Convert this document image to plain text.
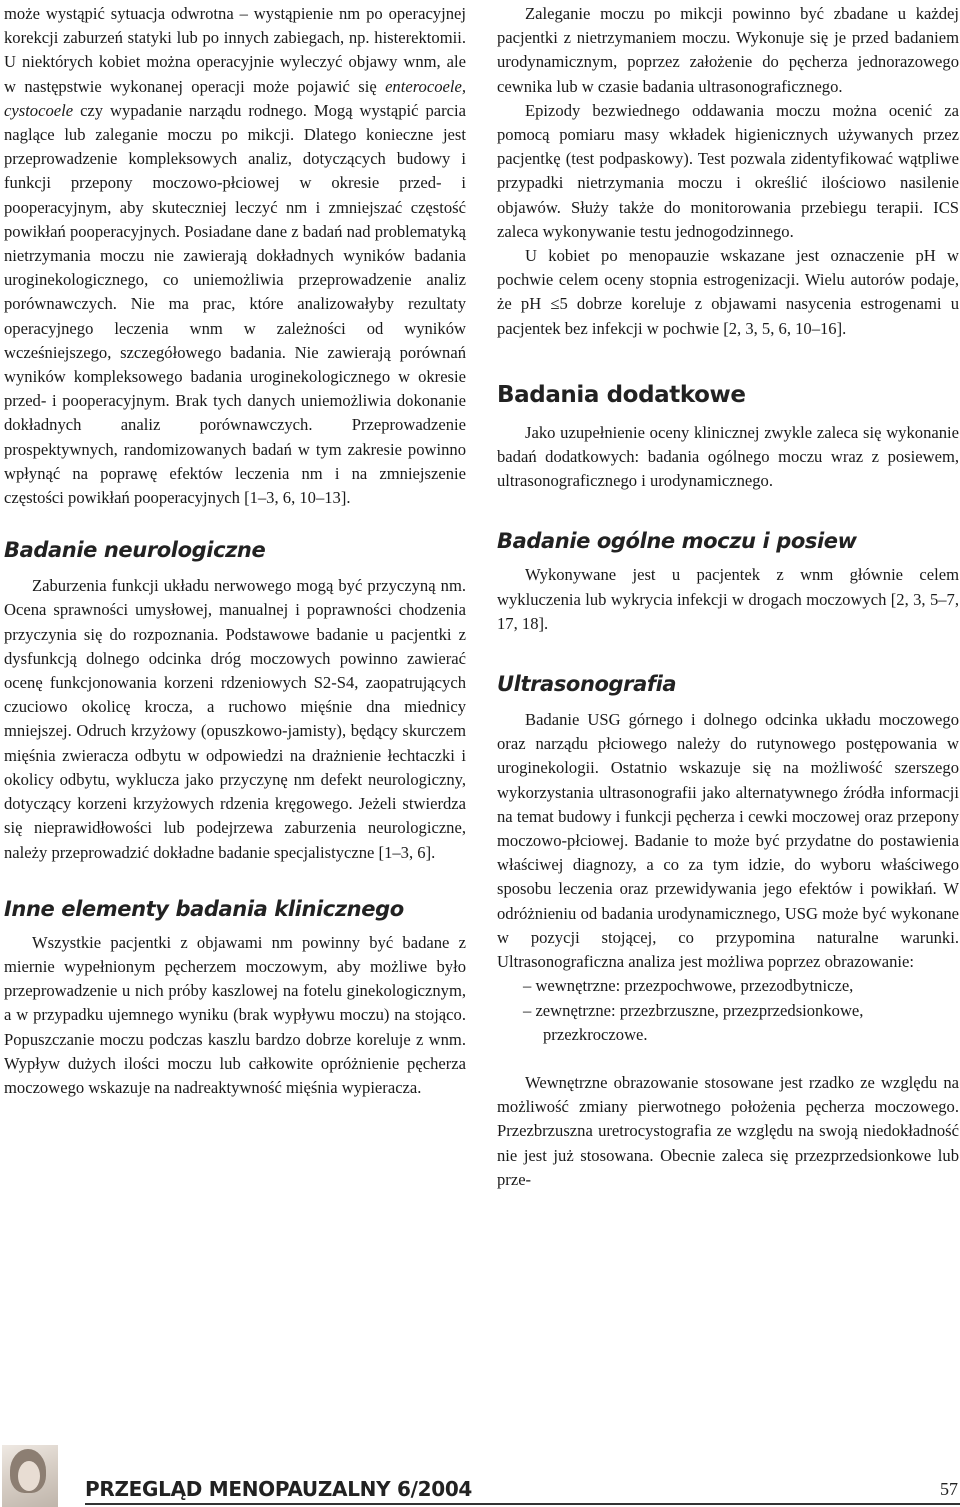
może wystąpić sytuacja odwrotna – wystąpienie nm po operacyjnej korekcji zaburzeń statyki lub po innych zabiegach, np. histerektomii. U niektórych kobiet można operacyjnie wyleczyć objawy wnm, ale w następstwie wykonanej operacji może pojawić się enterocoele, cystocoele czy wypadanie narządu rodnego. Mogą wystąpić parcia naglące lub zaleganie moczu po mikcji. Dlatego konieczne jest przeprowadzenie kompleksowych analiz, dotyczących budowy i funkcji przepony moczowo-płciowej w okresie przed- i pooperacyjnym, aby skuteczniej leczyć nm i zmniejszać częstość powikłań pooperacyjnych. Posiadane dane z badań nad problematyką nietrzymania moczu nie zawierają dokładnych wyników badania uroginekologicznego, co uniemożliwia przeprowadzenie analiz porównawczych. Nie ma prac, które analizowałyby rezultaty operacyjnego leczenia wnm w zależności od wyników wcześniejszego, szczegółowego badania. Nie zawierają porównań wyników kompleksowego badania uroginekologicznego w okresie przed- i pooperacyjnym. Brak tych danych uniemożliwia dokonanie dokładnych analiz porównawczych. Przeprowadzenie prospektywnych, randomizowanych badań w tym zakresie powinno wpłynąć na poprawę efektów leczenia nm i na zmniejszenie częstości powikłań pooperacyjnych [1–3, 6, 10–13].

Badanie neurologiczne

Zaburzenia funkcji układu nerwowego mogą być przyczyną nm. Ocena sprawności umysłowej, manualnej i poprawności chodzenia przyczynia się do rozpoznania. Podstawowe badanie u pacjentki z dysfunkcją dolnego odcinka dróg moczowych powinno zawierać ocenę funkcjonowania korzeni rdzeniowych S2-S4, zaopatrujących czuciowo okolicę krocza, a ruchowo mięśnie dna miednicy mniejszej. Odruch krzyżowy (opuszkowo-jamisty), będący skurczem mięśnia zwieracza odbytu w odpowiedzi na drażnienie łechtaczki i okolicy odbytu, wyklucza jako przyczynę nm defekt neurologiczny, dotyczący korzeni krzyżowych rdzenia kręgowego. Jeżeli stwierdza się nieprawidłowości lub podejrzewa zaburzenia neurologiczne, należy przeprowadzić dokładne badanie specjalistyczne [1–3, 6].

Inne elementy badania klinicznego

Wszystkie pacjentki z objawami nm powinny być badane z miernie wypełnionym pęcherzem moczowym, aby możliwe było przeprowadzenie u nich próby kaszlowej na fotelu ginekologicznym, a w przypadku ujemnego wyniku (brak wypływu moczu) na stojąco. Popuszczanie moczu podczas kaszlu bardzo dobrze koreluje z wnm. Wypływ dużych ilości moczu lub całkowite opróżnienie pęcherza moczowego wskazuje na nadreaktywność mięśnia wypieracza.

Zaleganie moczu po mikcji powinno być zbadane u każdej pacjentki z nietrzymaniem moczu. Wykonuje się je przed badaniem urodynamicznym, poprzez założenie do pęcherza jednorazowego cewnika lub w czasie badania ultrasonograficznego.

Epizody bezwiednego oddawania moczu można ocenić za pomocą pomiaru masy wkładek higienicznych używanych przez pacjentkę (test podpaskowy). Test pozwala zidentyfikować wątpliwe przypadki nietrzymania moczu i określić ilościowo nasilenie objawów. Służy także do monitorowania przebiegu terapii. ICS zaleca wykonywanie testu jednogodzinnego.

U kobiet po menopauzie wskazane jest oznaczenie pH w pochwie celem oceny stopnia estrogenizacji. Wielu autorów podaje, że pH ≤5 dobrze koreluje z objawami nasycenia estrogenami u pacjentek bez infekcji w pochwie [2, 3, 5, 6, 10–16].

Badania dodatkowe

Jako uzupełnienie oceny klinicznej zwykle zaleca się wykonanie badań dodatkowych: badania ogólnego moczu wraz z posiewem, ultrasonograficznego i urodynamicznego.

Badanie ogólne moczu i posiew

Wykonywane jest u pacjentek z wnm głównie celem wykluczenia lub wykrycia infekcji w drogach moczowych [2, 3, 5–7, 17, 18].

Ultrasonografia

Badanie USG górnego i dolnego odcinka układu moczowego oraz narządu płciowego należy do rutynowego postępowania w uroginekologii. Ostatnio wskazuje się na możliwość szerszego wykorzystania ultrasonografii jako alternatywnego źródła informacji na temat budowy i funkcji pęcherza i cewki moczowej oraz przepony moczowo-płciowej. Badanie to może być przydatne do postawienia właściwej diagnozy, a co za tym idzie, do wyboru właściwego sposobu leczenia oraz przewidywania jego efektów i powikłań. W odróżnieniu od badania urodynamicznego, USG może być wykonane w pozycji stojącej, co przypomina naturalne warunki. Ultrasonograficzna analiza jest możliwa poprzez obrazowanie:

– wewnętrzne: przezpochwowe, przezodbytnicze,
– zewnętrzne: przezbrzuszne, przezprzedsionkowe, przezkroczowe.

Wewnętrzne obrazowanie stosowane jest rzadko ze względu na możliwość zmiany pierwotnego położenia pęcherza moczowego. Przezbrzuszna uretrocystografia ze względu na swoją niedokładność nie jest już stosowana. Obecnie zaleca się przezprzedsionkowe lub prze-

PRZEGLĄD MENOPAUZALNY 6/2004	57
